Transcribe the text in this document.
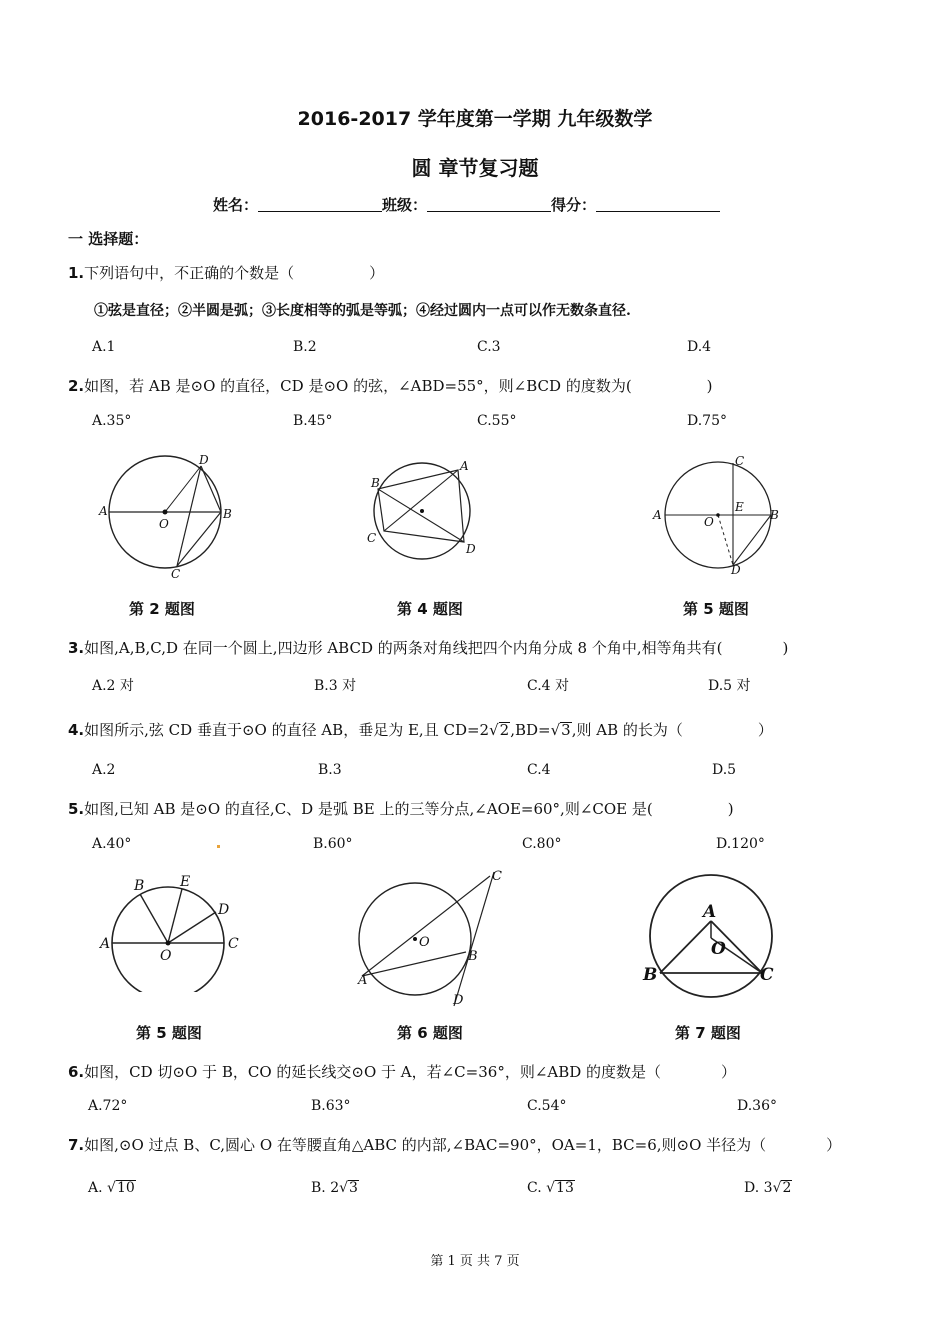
2016-2017 学年度第一学期 九年级数学
圆 章节复习题
姓名：	班级：	得分：
一 选择题：
1.下列语句中，不正确的个数是（　　　　　）
①弦是直径；②半圆是弧；③长度相等的弧是等弧；④经过圆内一点可以作无数条直径.
A.1	B.2	C.3	D.4
2.如图，若 AB 是⊙O 的直径，CD 是⊙O 的弦，∠ABD=55°，则∠BCD 的度数为(　　　　　)
A.35°	B.45°	C.55°	D.75°
A
O
B
C
D	A
B
C
D
A	O
E
B
C
D
第 2 题图	第 4 题图	第 5 题图
3.如图,A,B,C,D 在同一个圆上,四边形 ABCD 的两条对角线把四个内角分成 8 个角中,相等角共有(　　　　)
A.2 对	B.3 对	C.4 对	D.5 对
4.如图所示,弦 CD 垂直于⊙O 的直径 AB，垂足为 E,且 CD=2√2,BD=√3,则 AB 的长为（　　　　　）
A.2	B.3	C.4	D.5
5.如图,已知 AB 是⊙O 的直径,C、D 是弧 BE 上的三等分点,∠AOE=60°,则∠COE 是(　　　　　)
A.40°	B.60°	C.80°	D.120°
A
O
B
C
D
E
A
O
B
C
D
A
O
B	C
第 5 题图	第 6 题图	第 7 题图
6.如图，CD 切⊙O 于 B，CO 的延长线交⊙O 于 A，若∠C=36°，则∠ABD 的度数是（　　　　）
A.72°	B.63°	C.54°	D.36°
7.如图,⊙O 过点 B、C,圆心 O 在等腰直角△ABC 的内部,∠BAC=90°，OA=1，BC=6,则⊙O 半径为（　　　　）
A. √10	B. 2√3	C. √13	D. 3√2
第 1 页 共 7 页
